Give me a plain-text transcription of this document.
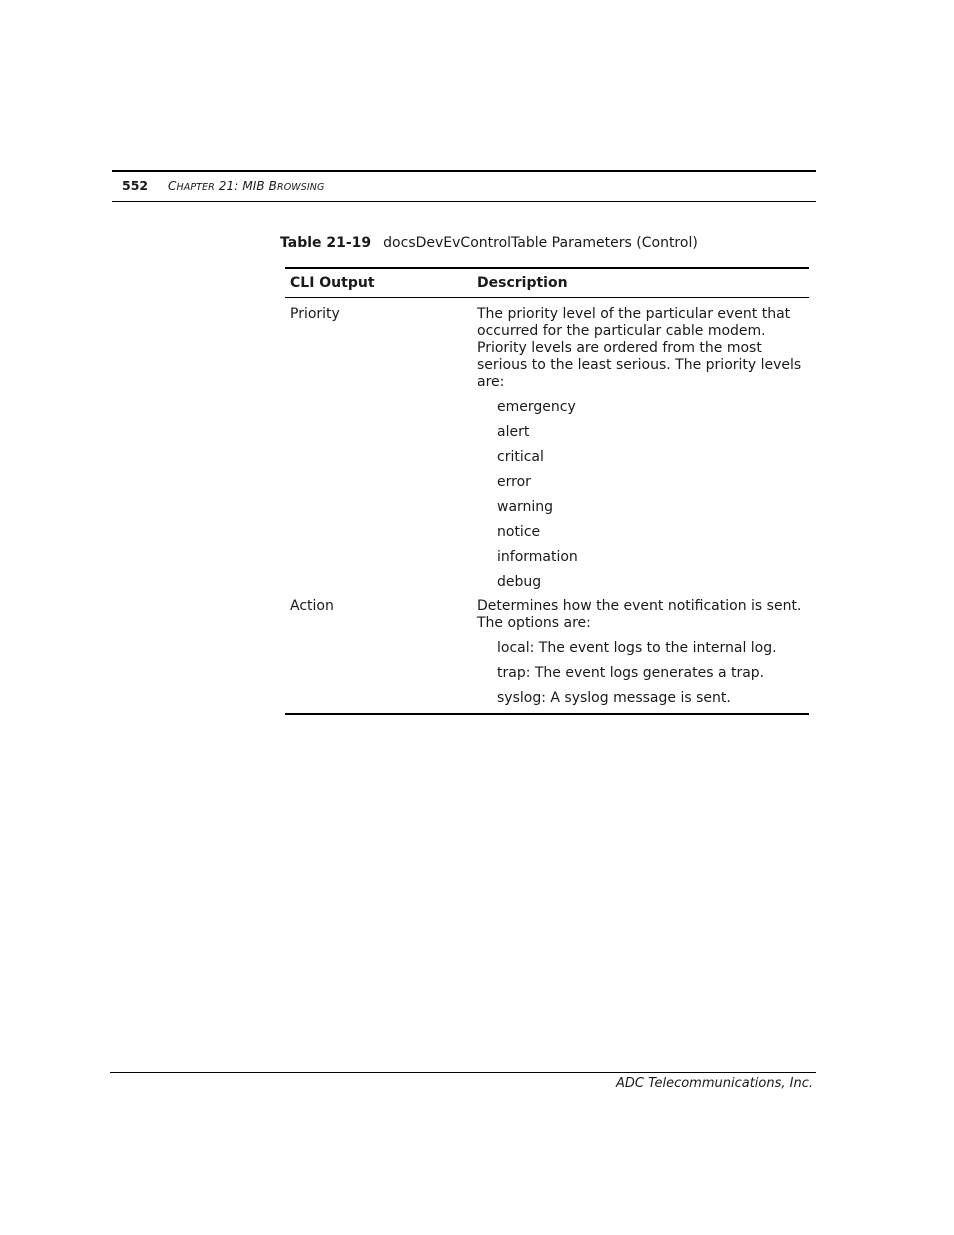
552 CHAPTER 21: MIB BROWSING
Table 21-19 docsDevEvControlTable Parameters (Control)
CLI Output	Description
Priority	The priority level of the particular event that occurred for the particular cable modem. Priority levels are ordered from the most serious to the least serious. The priority levels are:

emergency
alert
critical
error
warning
notice
information
debug
Action	Determines how the event notification is sent. The options are:

local: The event logs to the internal log.
trap: The event logs generates a trap.
syslog: A syslog message is sent.
ADC Telecommunications, Inc.
